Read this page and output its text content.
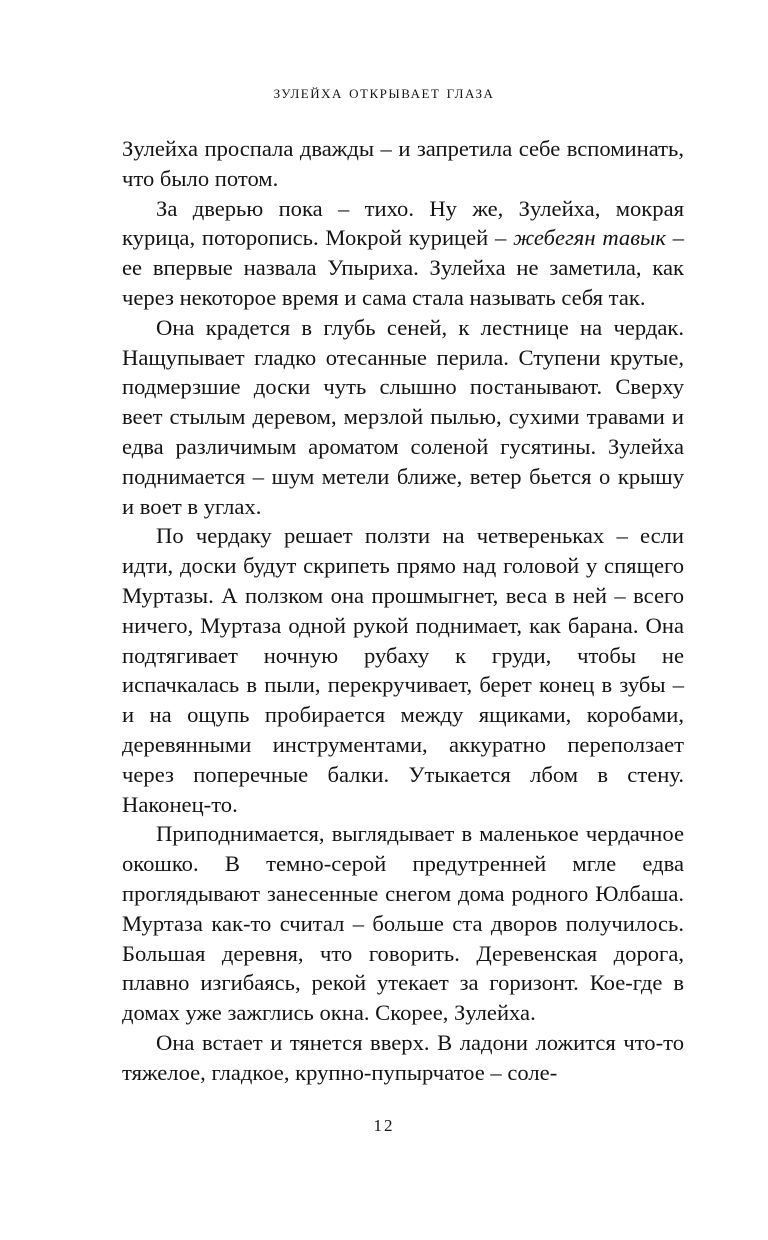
зулейха открывает глаза

Зулейха проспала дважды – и запретила себе вспоминать, что было потом.

За дверью пока – тихо. Ну же, Зулейха, мокрая курица, поторопись. Мокрой курицей – жебегян тавык – ее впервые назвала Упыриха. Зулейха не заметила, как через некоторое время и сама стала называть себя так.

Она крадется в глубь сеней, к лестнице на чердак. Нащупывает гладко отесанные перила. Ступени крутые, подмерзшие доски чуть слышно постанывают. Сверху веет стылым деревом, мерзлой пылью, сухими травами и едва различимым ароматом соленой гусятины. Зулейха поднимается – шум метели ближе, ветер бьется о крышу и воет в углах.

По чердаку решает ползти на четвереньках – если идти, доски будут скрипеть прямо над головой у спящего Муртазы. А ползком она прошмыгнет, веса в ней – всего ничего, Муртаза одной рукой поднимает, как барана. Она подтягивает ночную рубаху к груди, чтобы не испачкалась в пыли, перекручивает, берет конец в зубы – и на ощупь пробирается между ящиками, коробами, деревянными инструментами, аккуратно переползает через поперечные балки. Утыкается лбом в стену. Наконец-то.

Приподнимается, выглядывает в маленькое чердачное окошко. В темно-серой предутренней мгле едва проглядывают занесенные снегом дома родного Юлбаша. Муртаза как-то считал – больше ста дворов получилось. Большая деревня, что говорить. Деревенская дорога, плавно изгибаясь, рекой утекает за горизонт. Кое-где в домах уже зажглись окна. Скорее, Зулейха.

Она встает и тянется вверх. В ладони ложится что-то тяжелое, гладкое, крупно-пупырчатое – соле-

12
